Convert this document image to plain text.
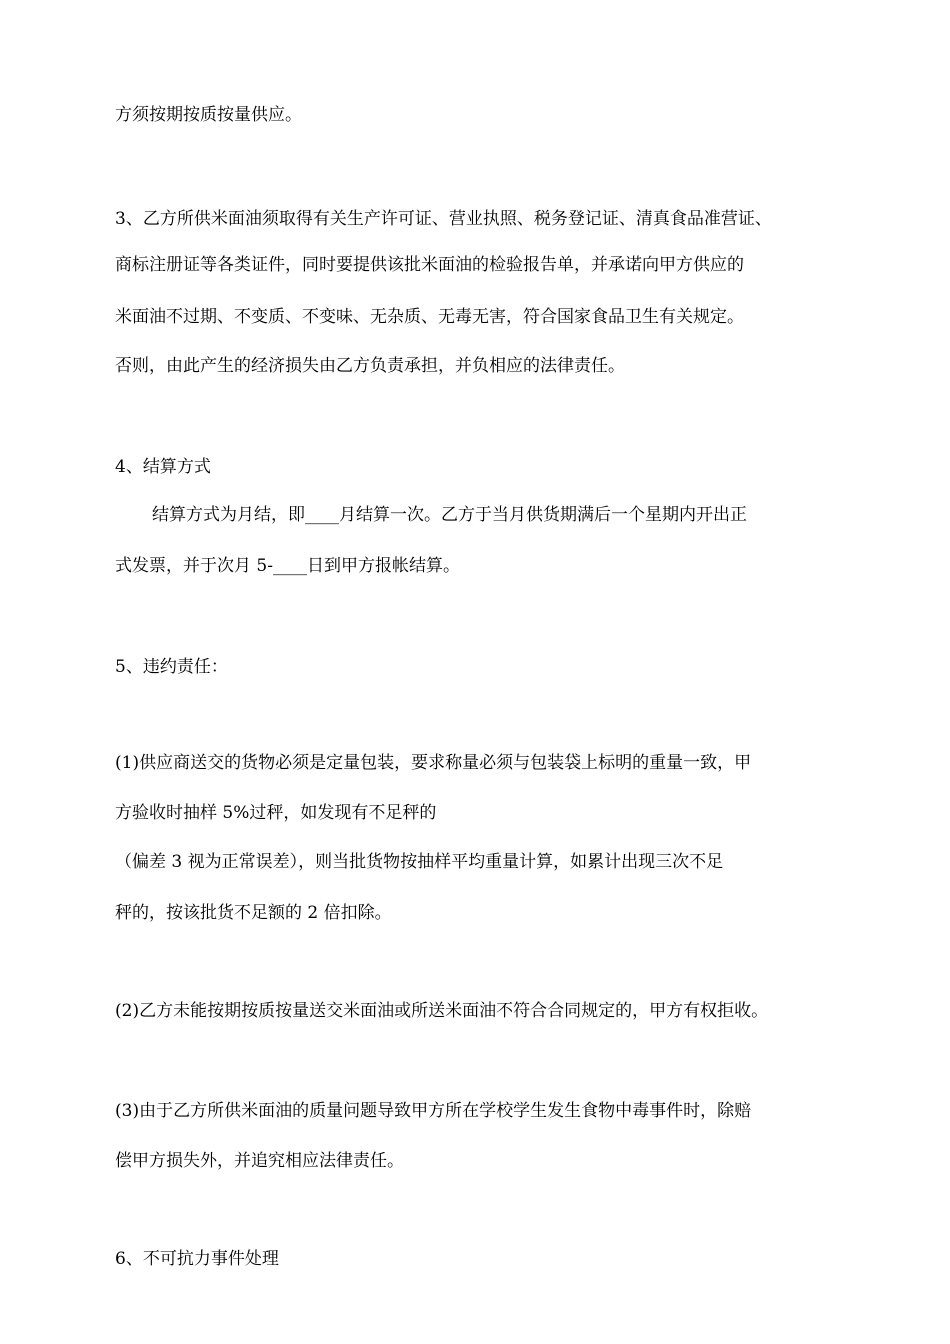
方须按期按质按量供应。
3、乙方所供米面油须取得有关生产许可证、营业执照、税务登记证、清真食品准营证、
商标注册证等各类证件，同时要提供该批米面油的检验报告单，并承诺向甲方供应的
米面油不过期、不变质、不变味、无杂质、无毒无害，符合国家食品卫生有关规定。
否则，由此产生的经济损失由乙方负责承担，并负相应的法律责任。
4、结算方式
结算方式为月结，即____月结算一次。乙方于当月供货期满后一个星期内开出正
式发票，并于次月 5-____日到甲方报帐结算。
5、违约责任：
(1)供应商送交的货物必须是定量包装，要求称量必须与包装袋上标明的重量一致，甲
方验收时抽样 5%过秤，如发现有不足秤的
（偏差 3 视为正常误差），则当批货物按抽样平均重量计算，如累计出现三次不足
秤的，按该批货不足额的 2 倍扣除。
(2)乙方未能按期按质按量送交米面油或所送米面油不符合合同规定的，甲方有权拒收。
(3)由于乙方所供米面油的质量问题导致甲方所在学校学生发生食物中毒事件时，除赔
偿甲方损失外，并追究相应法律责任。
6、不可抗力事件处理
